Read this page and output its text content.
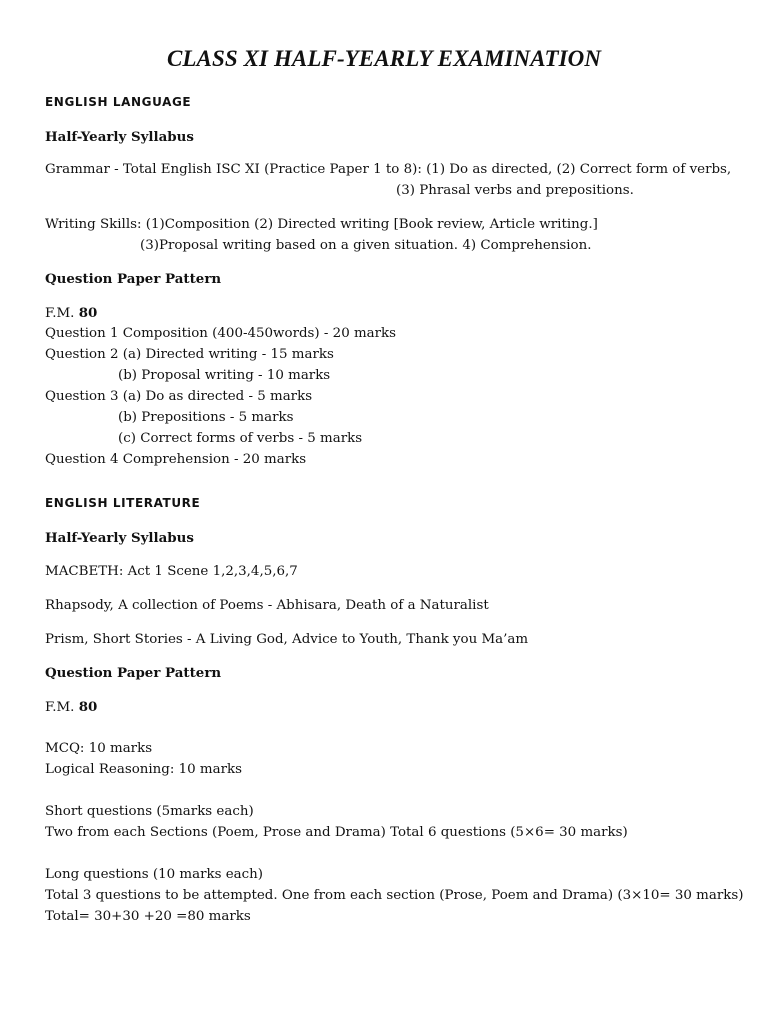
CLASS XI HALF-YEARLY EXAMINATION
ENGLISH LANGUAGE
Half-Yearly Syllabus
Grammar - Total English ISC XI (Practice Paper 1 to 8): (1) Do as directed, (2) Correct form of verbs,
(3) Phrasal verbs and prepositions.
Writing Skills: (1)Composition (2) Directed writing [Book review, Article writing.]
(3)Proposal writing based on a given situation. 4) Comprehension.
Question Paper Pattern
F.M. 80
Question 1 Composition (400-450words) - 20 marks
Question 2 (a) Directed writing - 15 marks
(b) Proposal writing - 10 marks
Question 3 (a) Do as directed - 5 marks
(b) Prepositions - 5 marks
(c) Correct forms of verbs - 5 marks
Question 4 Comprehension - 20 marks
ENGLISH LITERATURE
Half-Yearly Syllabus
MACBETH: Act 1 Scene 1,2,3,4,5,6,7
Rhapsody, A collection of Poems - Abhisara, Death of a Naturalist
Prism, Short Stories - A Living God, Advice to Youth, Thank you Ma’am
Question Paper Pattern
F.M. 80
MCQ: 10 marks
Logical Reasoning: 10 marks
Short questions (5marks each)
Two from each Sections (Poem, Prose and Drama) Total 6 questions (5×6= 30 marks)
Long questions (10 marks each)
Total 3 questions to be attempted. One from each section (Prose, Poem and Drama) (3×10= 30 marks)
Total= 30+30 +20 =80 marks
